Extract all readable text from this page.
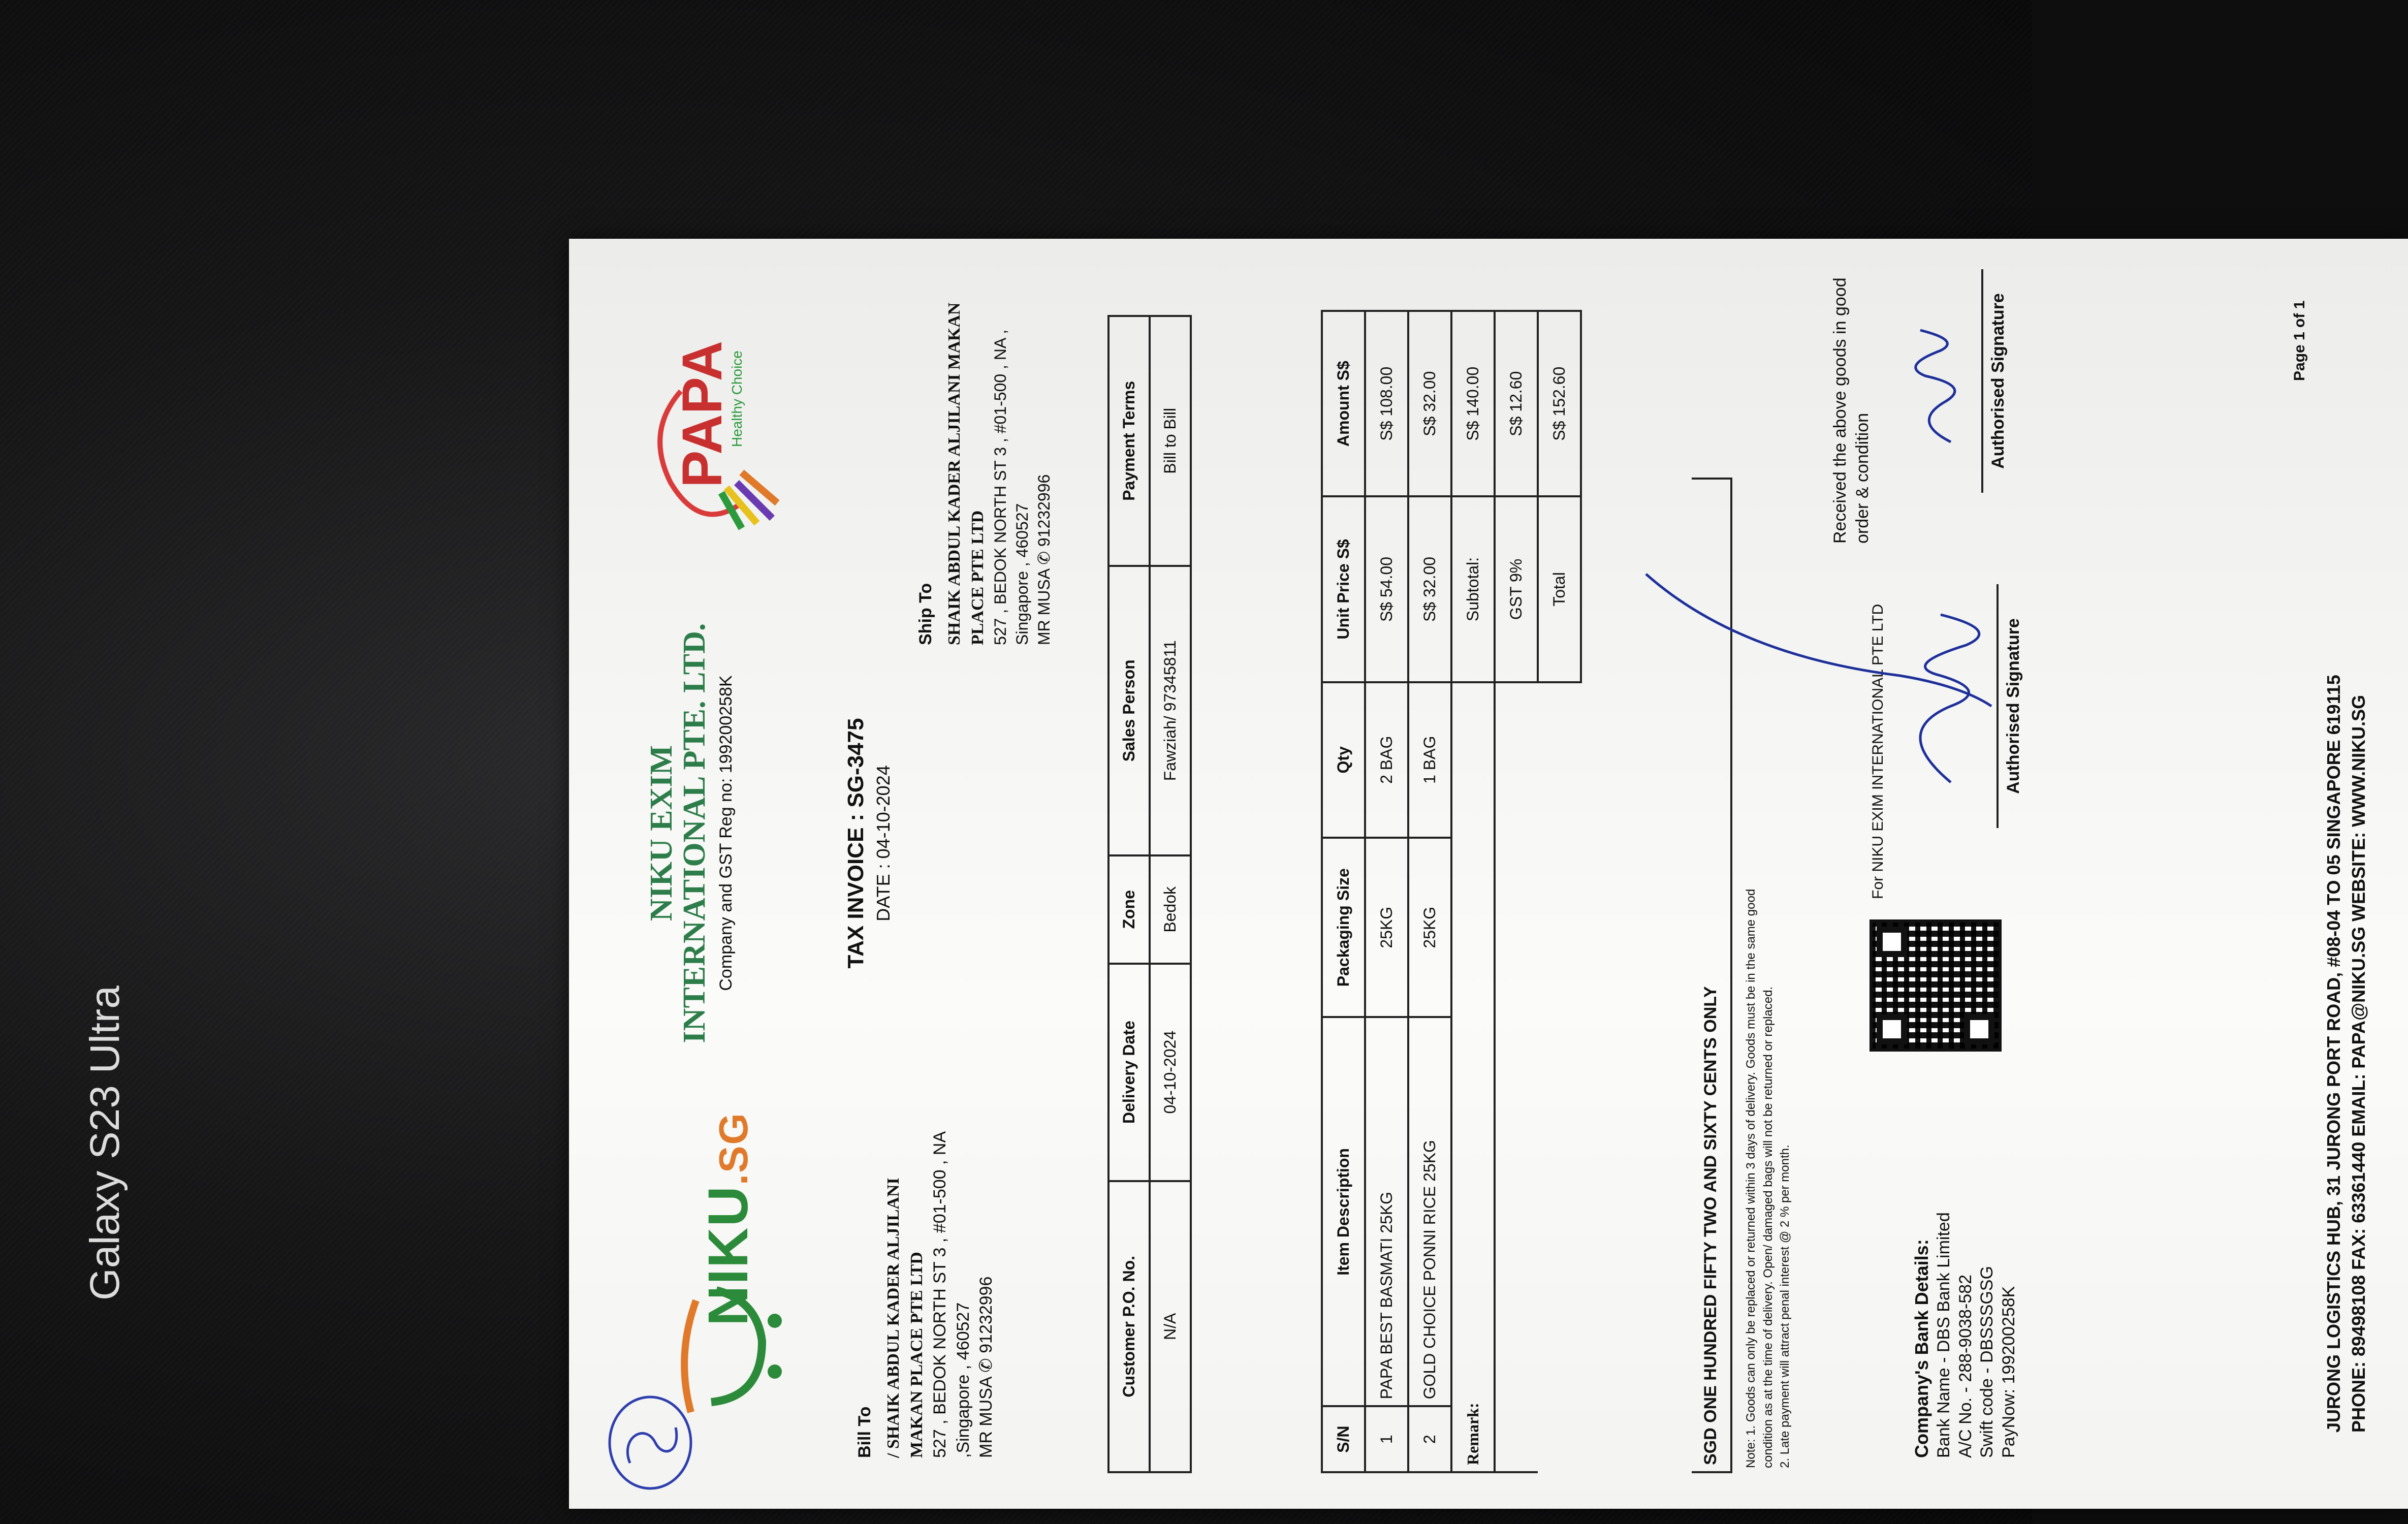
NIKU.SG
NIKU EXIM
INTERNATIONAL PTE. LTD. Company and GST Reg no: 199200258K
PAPA
Healthy Choice
TAX INVOICE : SG-3475 DATE : 04-10-2024
Bill To / SHAIK ABDUL KADER ALJILANI MAKAN PLACE PTE LTD 527 , BEDOK NORTH ST 3 , #01-500 , NA ,Singapore , 460527 MR MUSA ✆ 91232996
Ship To SHAIK ABDUL KADER ALJILANI MAKAN PLACE PTE LTD 527 , BEDOK NORTH ST 3 , #01-500 , NA , Singapore , 460527 MR MUSA ✆ 91232996
Customer P.O. No.	Delivery Date	Zone	Sales Person	Payment Terms
N/A	04-10-2024	Bedok	Fawziah/ 97345811	Bill to Bill
S/N	Item Description	Packaging Size	Qty	Unit Price S$	Amount S$
1	PAPA BEST BASMATI 25KG	25KG	2 BAG	S$ 54.00	S$ 108.00
2	GOLD CHOICE PONNI RICE 25KG	25KG	1 BAG	S$ 32.00	S$ 32.00
Remark:				Subtotal:	S$ 140.00
				GST 9%	S$ 12.60
				Total	S$ 152.60
SGD ONE HUNDRED FIFTY TWO AND SIXTY CENTS ONLY	Note: 1. Goods can only be replaced or returned within 3 days of delivery. Goods must be in the same good condition as at the time of delivery. Open/ damaged bags will not be returned or replaced. 2. Late payment will attract penal interest @ 2 % per month.	Company's Bank Details: Bank Name - DBS Bank Limited A/C No. - 288-9038-582 Swift code - DBSSSGSG PayNow: 199200258K
For NIKU EXIM INTERNATIONAL PTE LTD	Authorised Signature
Received the above goods in good order & condition
Authorised Signature	Page 1 of 1
JURONG LOGISTICS HUB, 31 JURONG PORT ROAD, #08-04 TO 05 SINGAPORE 619115 PHONE: 89498108 FAX: 63361440 EMAIL: PAPA@NIKU.SG WEBSITE: WWW.NIKU.SG
Galaxy S23 Ultra
